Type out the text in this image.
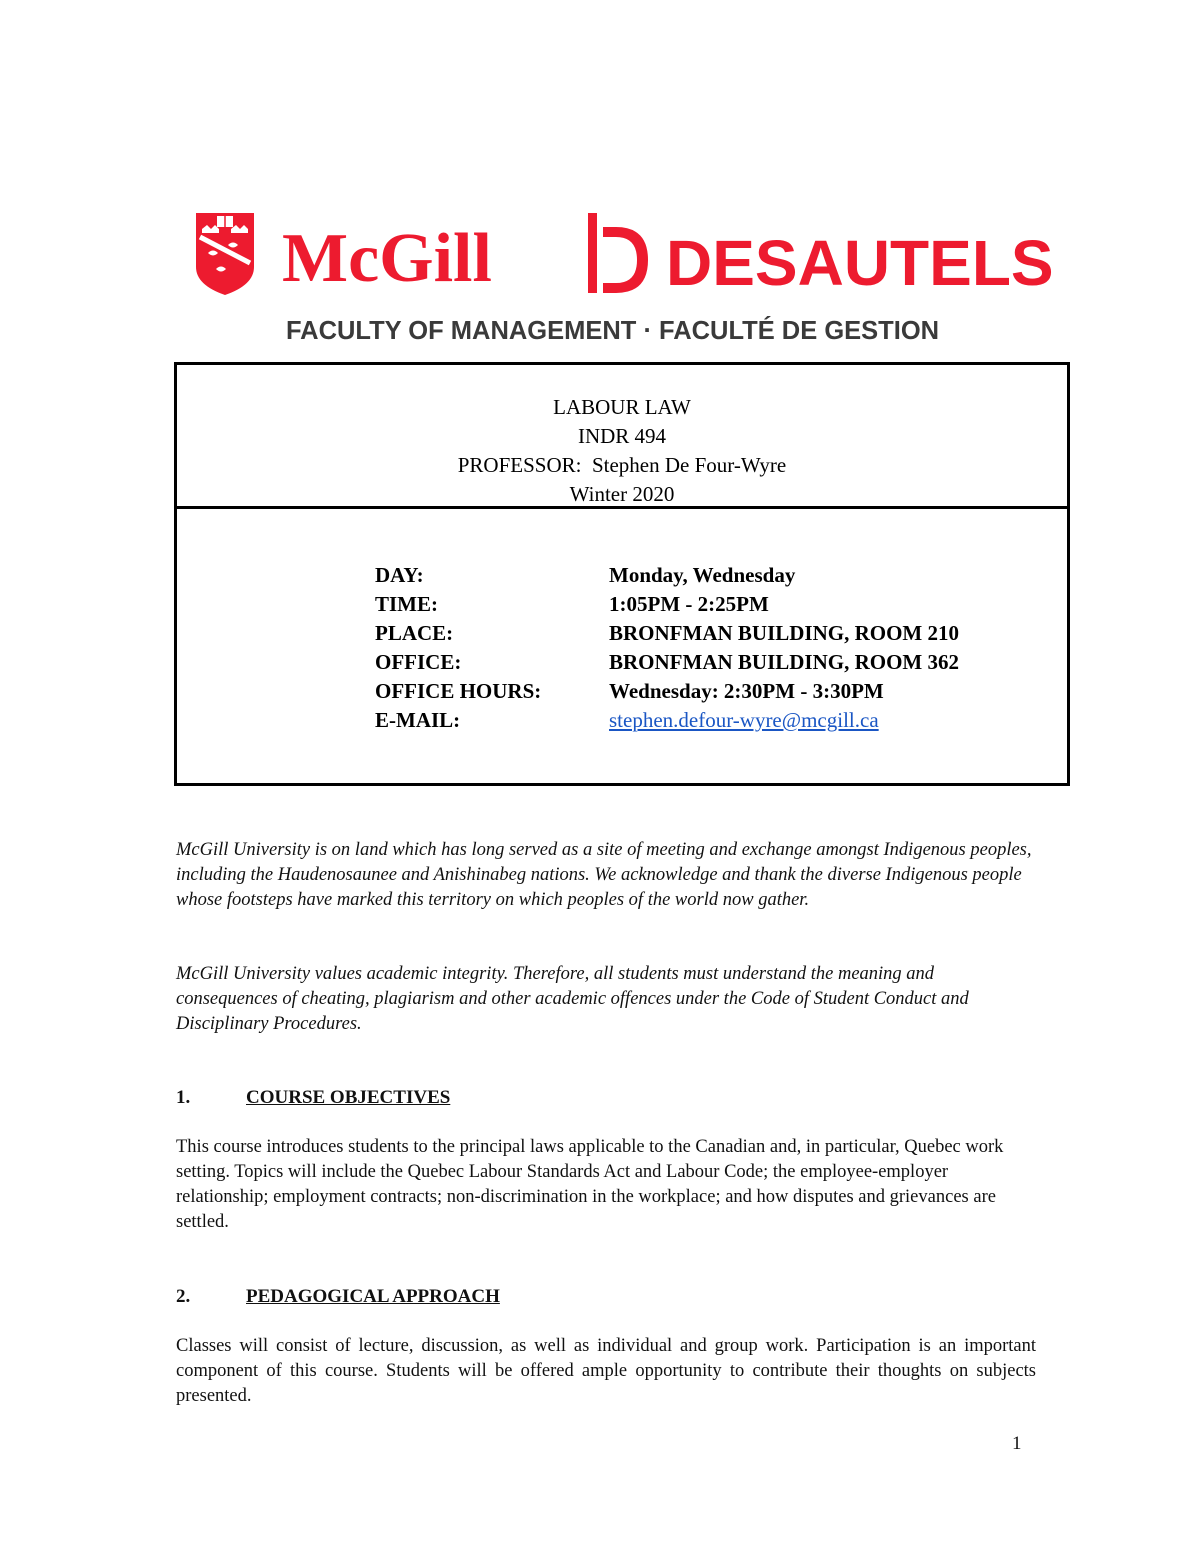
McGill	DESAUTELS
FACULTY OF MANAGEMENT · FACULTÉ DE GESTION
LABOUR LAW
INDR 494
PROFESSOR:  Stephen De Four-Wyre
Winter 2020
DAY:	Monday, Wednesday
TIME:	1:05PM - 2:25PM
PLACE:	BRONFMAN BUILDING, ROOM 210
OFFICE:	BRONFMAN BUILDING, ROOM 362
OFFICE HOURS:	Wednesday: 2:30PM - 3:30PM
E-MAIL:	stephen.defour-wyre@mcgill.ca
McGill University is on land which has long served as a site of meeting and exchange amongst Indigenous peoples, including the Haudenosaunee and Anishinabeg nations. We acknowledge and thank the diverse Indigenous people whose footsteps have marked this territory on which peoples of the world now gather.
McGill University values academic integrity. Therefore, all students must understand the meaning and consequences of cheating, plagiarism and other academic offences under the Code of Student Conduct and Disciplinary Procedures.
1.	COURSE OBJECTIVES
This course introduces students to the principal laws applicable to the Canadian and, in particular, Quebec work setting. Topics will include the Quebec Labour Standards Act and Labour Code; the employee-employer relationship; employment contracts; non-discrimination in the workplace; and how disputes and grievances are settled.
2.	PEDAGOGICAL APPROACH
Classes will consist of lecture, discussion, as well as individual and group work. Participation is an important component of this course. Students will be offered ample opportunity to contribute their thoughts on subjects presented.
1
